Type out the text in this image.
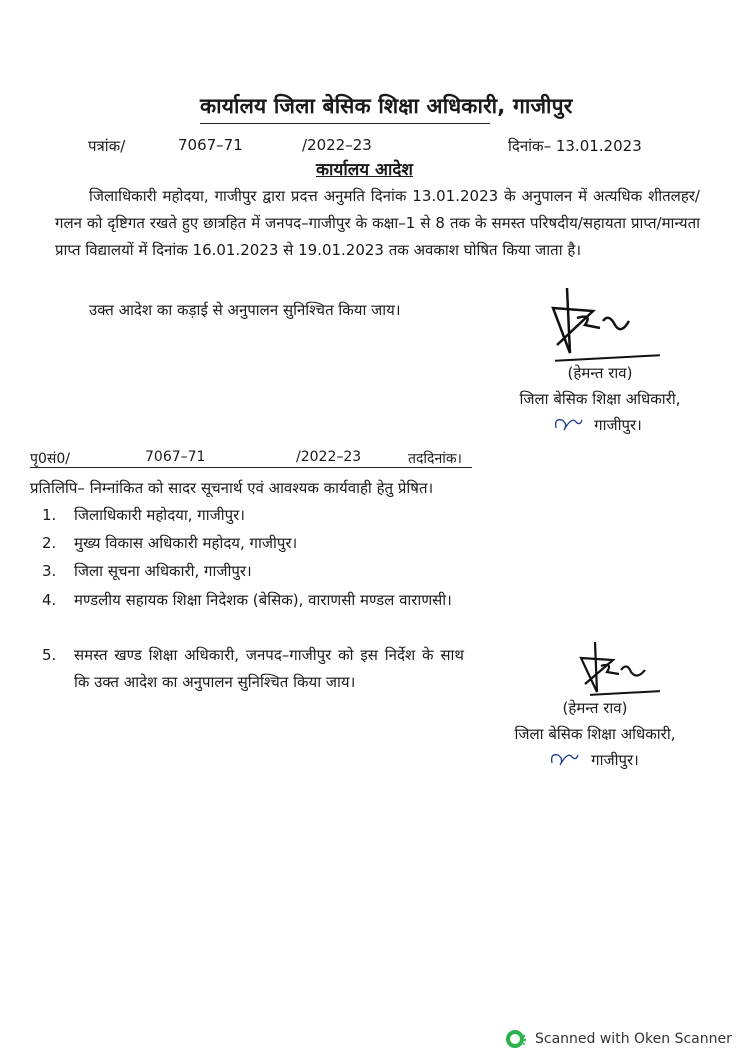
कार्यालय जिला बेसिक शिक्षा अधिकारी, गाजीपुर
पत्रांक/	7067–71	/2022–23	दिनांक– 13.01.2023
कार्यालय आदेश
जिलाधिकारी महोदया, गाजीपुर द्वारा प्रदत्त अनुमति दिनांक 13.01.2023 के अनुपालन में अत्यधिक शीतलहर/गलन को दृष्टिगत रखते हुए छात्रहित में जनपद–गाजीपुर के कक्षा–1 से 8 तक के समस्त परिषदीय/सहायता प्राप्त/मान्यता प्राप्त विद्यालयों में दिनांक 16.01.2023 से 19.01.2023 तक अवकाश घोषित किया जाता है।
उक्त आदेश का कड़ाई से अनुपालन सुनिश्चित किया जाय।
(हेमन्त राव)
जिला बेसिक शिक्षा अधिकारी,
गाजीपुर।
पृ0सं0/	7067–71	/2022–23	तददिनांक।
प्रतिलिपि– निम्नांकित को सादर सूचनार्थ एवं आवश्यक कार्यवाही हेतु प्रेषित।
1. जिलाधिकारी महोदया, गाजीपुर।
2. मुख्य विकास अधिकारी महोदय, गाजीपुर।
3. जिला सूचना अधिकारी, गाजीपुर।
4. मण्डलीय सहायक शिक्षा निदेशक (बेसिक), वाराणसी मण्डल वाराणसी।
5. समस्त खण्ड शिक्षा अधिकारी, जनपद–गाजीपुर को इस निर्देश के साथ कि उक्त आदेश का अनुपालन सुनिश्चित किया जाय।
(हेमन्त राव)
जिला बेसिक शिक्षा अधिकारी,
गाजीपुर।
Scanned with Oken Scanner
